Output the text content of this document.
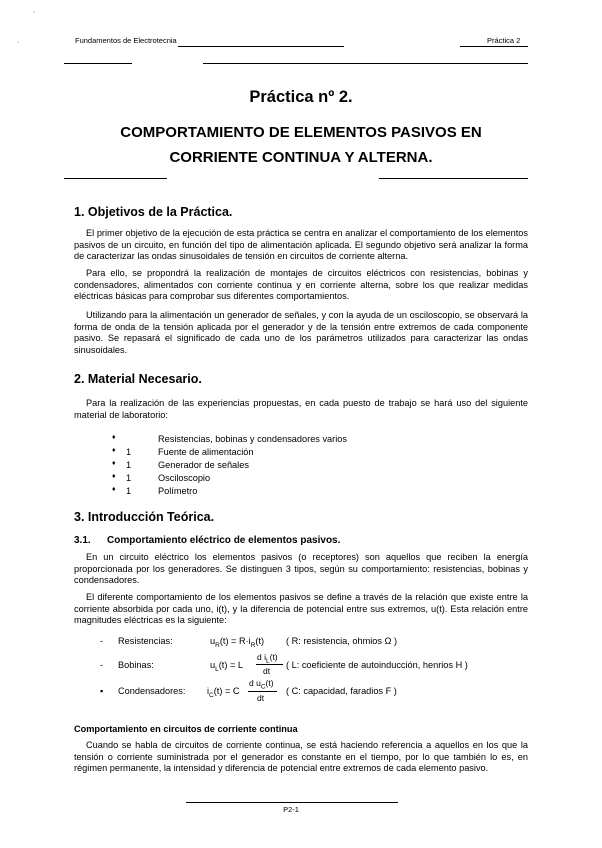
·
·	Fundamentos de Electrotecnia	Práctica 2
Práctica nº 2.
COMPORTAMIENTO DE ELEMENTOS PASIVOS EN
CORRIENTE CONTINUA Y ALTERNA.
1. Objetivos de la Práctica.
El primer objetivo de la ejecución de esta práctica se centra en analizar el comportamiento de los elementos pasivos de un circuito, en función del tipo de alimentación aplicada. El segundo objetivo será analizar la forma de caracterizar las ondas sinusoidales de tensión en circuitos de corriente alterna.
Para ello, se propondrá la realización de montajes de circuitos eléctricos con resistencias, bobinas y condensadores, alimentados con corriente continua y en corriente alterna, sobre los que realizar medidas eléctricas básicas para comprobar sus diferentes comportamientos.
Utilizando para la alimentación un generador de señales, y con la ayuda de un osciloscopio, se observará la forma de onda de la tensión aplicada por el generador y de la tensión entre extremos de cada componente pasivo. Se repasará el significado de cada uno de los parámetros utilizados para caracterizar las ondas sinusoidales.
2. Material Necesario.
Para la realización de las experiencias propuestas, en cada puesto de trabajo se hará uso del siguiente material de laboratorio:
♦	Resistencias, bobinas y condensadores varios
♦ 1	Fuente de alimentación
♦ 1	Generador de señales
♦ 1	Osciloscopio
♦ 1	Polímetro
3. Introducción Teórica.
3.1. Comportamiento eléctrico de elementos pasivos.
En un circuito eléctrico los elementos pasivos (o receptores) son aquellos que reciben la energía proporcionada por los generadores. Se distinguen 3 tipos, según su comportamiento: resistencias, bobinas y condensadores.
El diferente comportamiento de los elementos pasivos se define a través de la relación que existe entre la corriente absorbida por cada uno, i(t), y la diferencia de potencial entre sus extremos, u(t). Esta relación entre magnitudes eléctricas es la siguiente:
- Resistencias:	$u_R(t) = R\cdot i_R(t)$ ( R: resistencia, ohmios Ω )
- Bobinas:	$u_L(t) = L$
d $i_L(t)$
dt
( L: coeficiente de autoinducción, henrios H )
▪ Condensadores: $i_C(t) = C$
d $u_C(t)$
dt
( C: capacidad, faradios F )
Comportamiento en circuitos de corriente continua
Cuando se habla de circuitos de corriente continua, se está haciendo referencia a aquellos en los que la tensión o corriente suministrada por el generador es constante en el tiempo, por lo que también lo es, en régimen permanente, la intensidad y diferencia de potencial entre extremos de cada elemento pasivo.
P2-1
